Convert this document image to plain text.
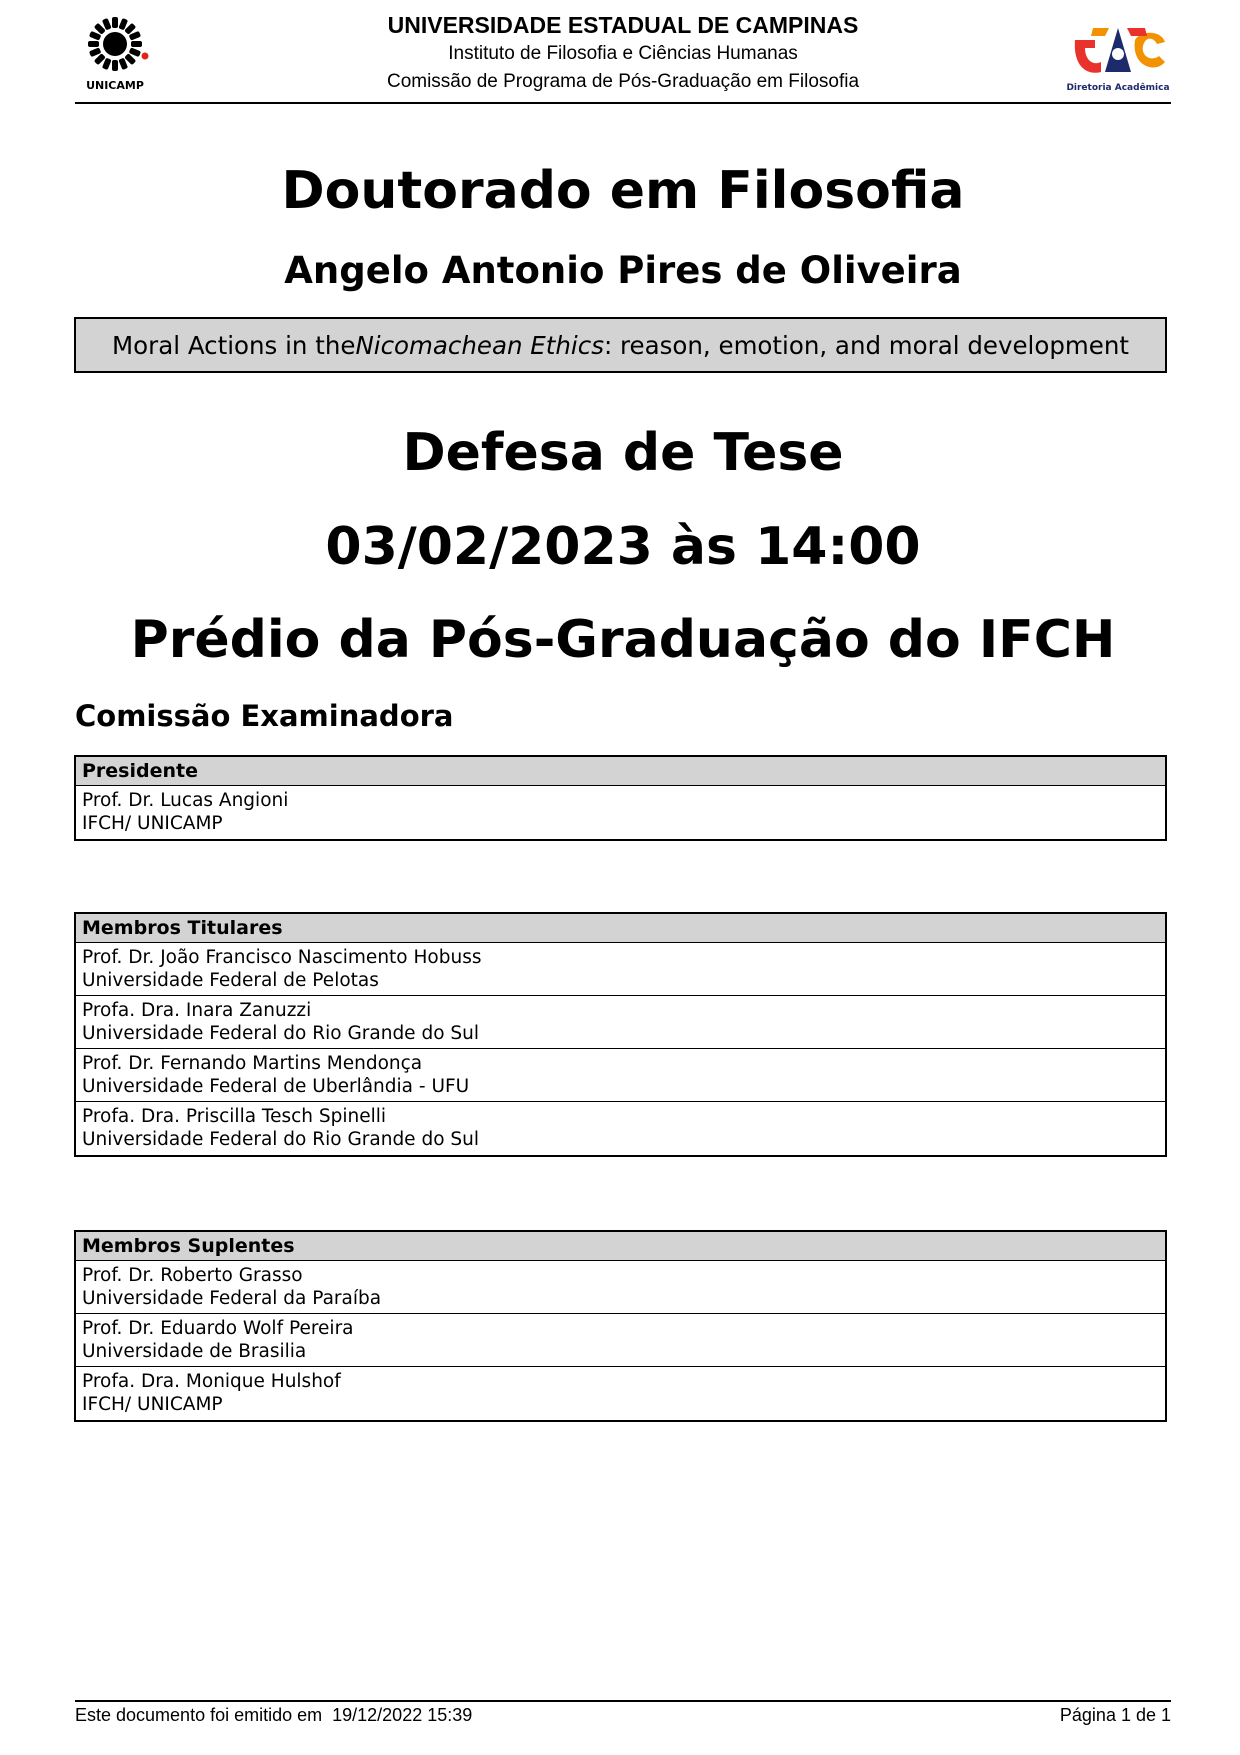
UNICAMP
UNIVERSIDADE ESTADUAL DE CAMPINAS
Instituto de Filosofia e Ciências Humanas
Comissão de Programa de Pós-Graduação em Filosofia	Diretoria Acadêmica
Doutorado em Filosofia
Angelo Antonio Pires de Oliveira
Moral Actions in the Nicomachean Ethics : reason, emotion, and moral development
Defesa de Tese
03/02/2023 às 14:00
Prédio da Pós-Graduação do IFCH
Comissão Examinadora
Presidente
Prof. Dr. Lucas Angioni
IFCH/ UNICAMP
Membros Titulares
Prof. Dr. João Francisco Nascimento Hobuss
Universidade Federal de Pelotas
Profa. Dra. Inara Zanuzzi
Universidade Federal do Rio Grande do Sul
Prof. Dr. Fernando Martins Mendonça
Universidade Federal de Uberlândia - UFU
Profa. Dra. Priscilla Tesch Spinelli
Universidade Federal do Rio Grande do Sul
Membros Suplentes
Prof. Dr. Roberto Grasso
Universidade Federal da Paraíba
Prof. Dr. Eduardo Wolf Pereira
Universidade de Brasilia
Profa. Dra. Monique Hulshof
IFCH/ UNICAMP
Este documento foi emitido em  19/12/2022 15:39	Página 1 de 1
